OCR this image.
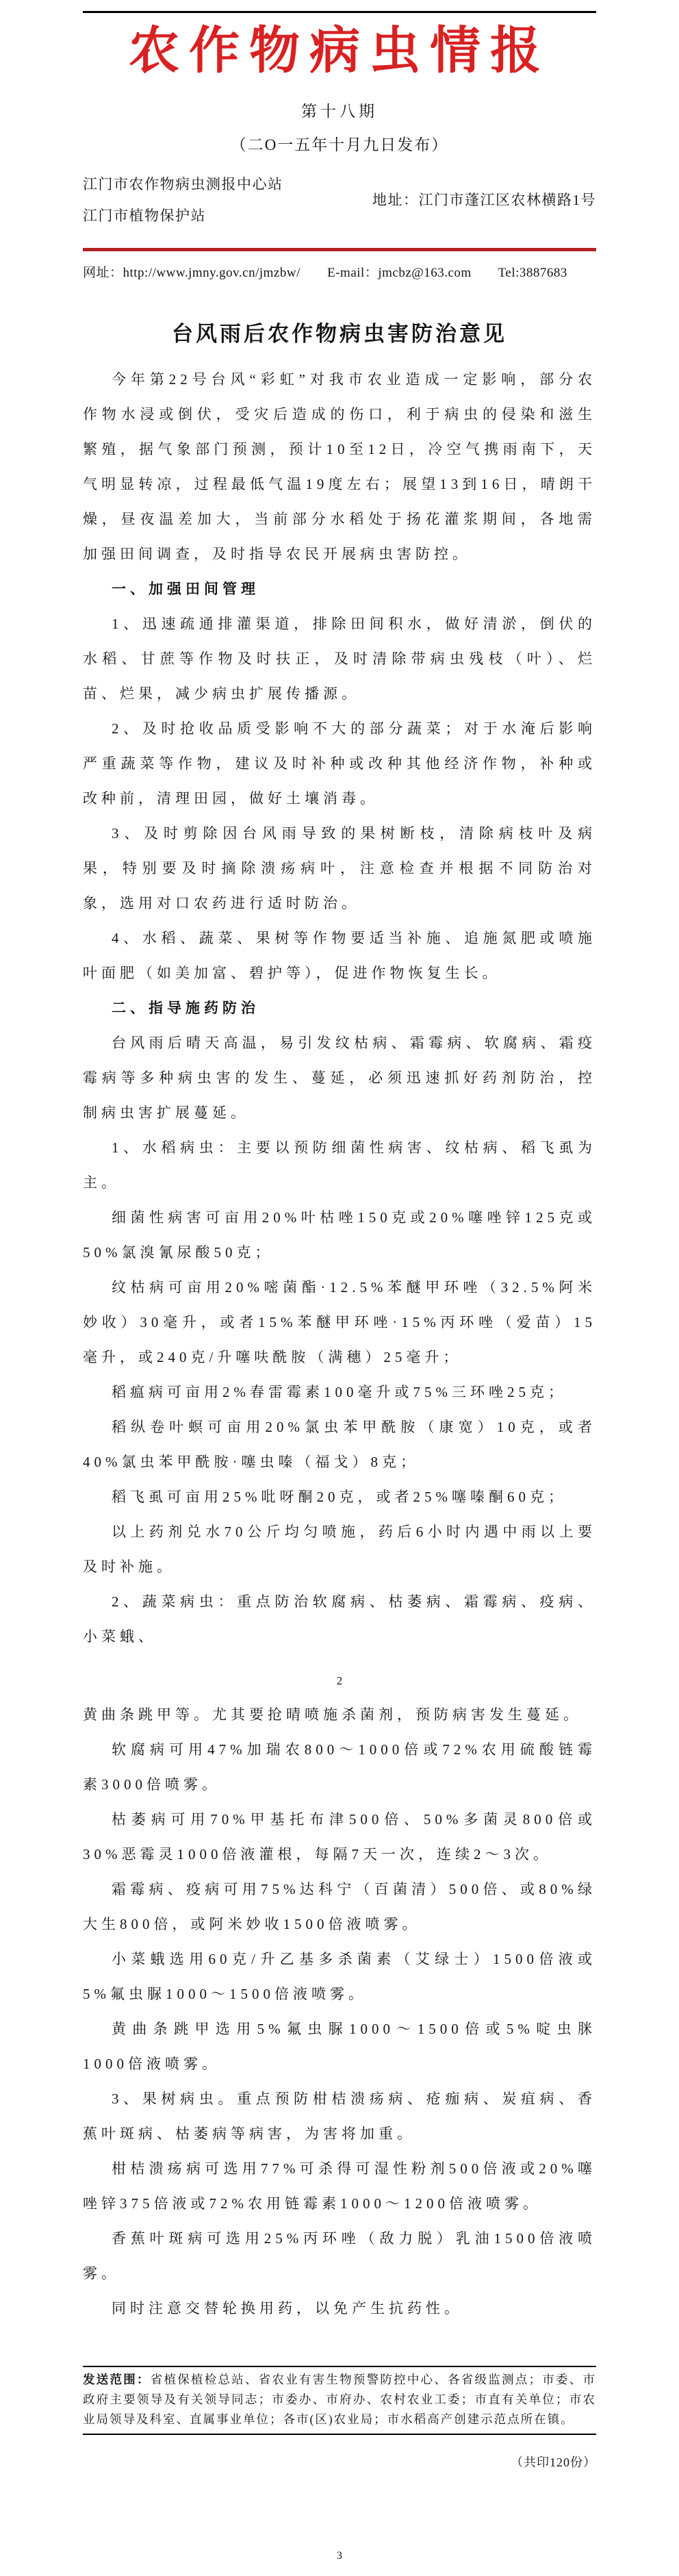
农作物病虫情报
第十八期
（二О一五年十月九日发布）
江门市农作物病虫测报中心站
江门市植物保护站
地址：江门市蓬江区农林横路1号
网址：http://www.jmny.gov.cn/jmzbw/ E-mail：jmcbz@163.com Tel:3887683
台风雨后农作物病虫害防治意见
今年第22号台风“彩虹”对我市农业造成一定影响，部分农作物水浸或倒伏，受灾后造成的伤口，利于病虫的侵染和滋生繁殖，据气象部门预测，预计10至12日，冷空气携雨南下，天气明显转凉，过程最低气温19度左右；展望13到16日，晴朗干燥，昼夜温差加大，当前部分水稻处于扬花灌浆期间，各地需加强田间调查，及时指导农民开展病虫害防控。
一、加强田间管理
1、迅速疏通排灌渠道，排除田间积水，做好清淤，倒伏的水稻、甘蔗等作物及时扶正，及时清除带病虫残枝（叶）、烂苗、烂果，减少病虫扩展传播源。
2、及时抢收品质受影响不大的部分蔬菜；对于水淹后影响严重蔬菜等作物，建议及时补种或改种其他经济作物，补种或改种前，清理田园，做好土壤消毒。
3、及时剪除因台风雨导致的果树断枝，清除病枝叶及病果，特别要及时摘除溃疡病叶，注意检查并根据不同防治对象，选用对口农药进行适时防治。
4、水稻、蔬菜、果树等作物要适当补施、追施氮肥或喷施叶面肥（如美加富、碧护等），促进作物恢复生长。
二、指导施药防治
台风雨后晴天高温，易引发纹枯病、霜霉病、软腐病、霜疫霉病等多种病虫害的发生、蔓延，必须迅速抓好药剂防治，控制病虫害扩展蔓延。
1、水稻病虫：主要以预防细菌性病害、纹枯病、稻飞虱为主。
细菌性病害可亩用20%叶枯唑150克或20%噻唑锌125克或50%氯溴氰尿酸50克；
纹枯病可亩用20%嘧菌酯·12.5%苯醚甲环唑（32.5%阿米妙收）30毫升，或者15%苯醚甲环唑·15%丙环唑（爱苗）15毫升，或240克/升噻呋酰胺（满穗）25毫升；
稻瘟病可亩用2%春雷霉素100毫升或75%三环唑25克；
稻纵卷叶螟可亩用20%氯虫苯甲酰胺（康宽）10克，或者40%氯虫苯甲酰胺·噻虫嗪（福戈）8克；
稻飞虱可亩用25%吡呀酮20克，或者25%噻嗪酮60克；
以上药剂兑水70公斤均匀喷施，药后6小时内遇中雨以上要及时补施。
2、蔬菜病虫：重点防治软腐病、枯萎病、霜霉病、疫病、小菜蛾、
2
黄曲条跳甲等。尤其要抢晴喷施杀菌剂，预防病害发生蔓延。
软腐病可用47%加瑞农800～1000倍或72%农用硫酸链霉素3000倍喷雾。
枯萎病可用70%甲基托布津500倍、50%多菌灵800倍或30%恶霉灵1000倍液灌根，每隔7天一次，连续2～3次。
霜霉病、疫病可用75%达科宁（百菌清）500倍、或80%绿大生800倍，或阿米妙收1500倍液喷雾。
小菜蛾选用60克/升乙基多杀菌素（艾绿士）1500倍液或5%氟虫脲1000～1500倍液喷雾。
黄曲条跳甲选用5%氟虫脲1000～1500倍或5%啶虫脒1000倍液喷雾。
3、果树病虫。重点预防柑桔溃疡病、疮痂病、炭疽病、香蕉叶斑病、枯萎病等病害，为害将加重。
柑桔溃疡病可选用77%可杀得可湿性粉剂500倍液或20%噻唑锌375倍液或72%农用链霉素1000～1200倍液喷雾。
香蕉叶斑病可选用25%丙环唑（敌力脱）乳油1500倍液喷雾。
同时注意交替轮换用药，以免产生抗药性。
发送范围：省植保植检总站、省农业有害生物预警防控中心、各省级监测点；市委、市政府主要领导及有关领导同志；市委办、市府办、农村农业工委；市直有关单位；市农业局领导及科室、直属事业单位；各市(区)农业局；市水稻高产创建示范点所在镇。
（共印120份）
3
